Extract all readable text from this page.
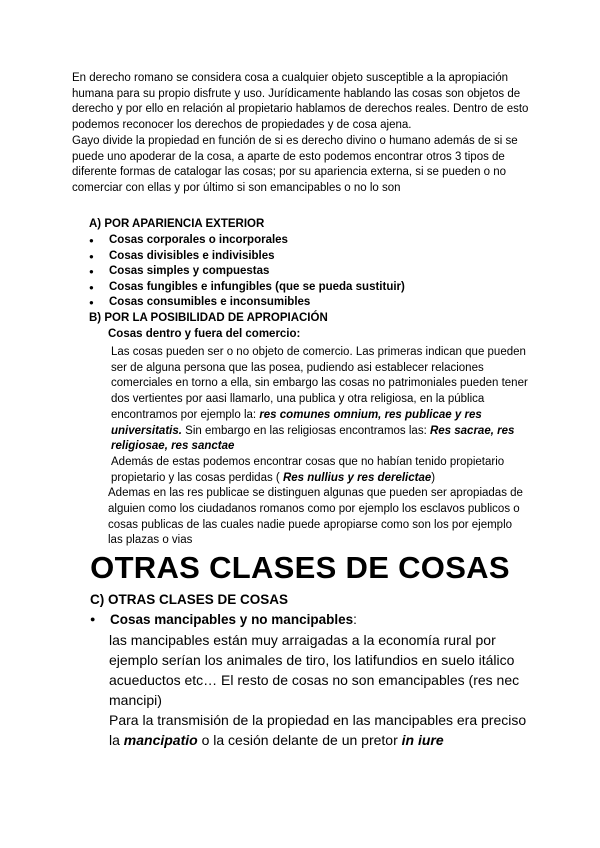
En derecho romano se considera cosa a cualquier objeto susceptible a la apropiación humana para su propio disfrute y uso. Jurídicamente hablando las cosas son objetos de derecho y por ello en relación al propietario hablamos de derechos reales. Dentro de esto podemos reconocer los derechos de propiedades y de cosa ajena.

Gayo divide la propiedad en función de si es derecho divino o humano además de si se puede uno apoderar de la cosa, a aparte de esto podemos encontrar otros 3 tipos de diferente formas de catalogar las cosas; por su apariencia externa, si se pueden o no comerciar con ellas y por último si son emancipables o no lo son

A) POR APARIENCIA EXTERIOR
● Cosas corporales o incorporales
● Cosas divisibles e indivisibles
● Cosas simples y compuestas
● Cosas fungibles e infungibles (que se pueda sustituir)
● Cosas consumibles e inconsumibles
B) POR LA POSIBILIDAD DE APROPIACIÓN
Cosas dentro y fuera del comercio:

Las cosas pueden ser o no objeto de comercio. Las primeras indican que pueden ser de alguna persona que las posea, pudiendo asi establecer relaciones comerciales en torno a ella, sin embargo las cosas no patrimoniales pueden tener dos vertientes por aasi llamarlo, una publica y otra religiosa, en la pública encontramos por ejemplo la: res comunes omnium, res publicae y res universitatis. Sin embargo en las religiosas encontramos las: Res sacrae, res religiosae, res sanctae

Además de estas podemos encontrar cosas que no habían tenido propietario propietario y las cosas perdidas ( Res nullius y res derelictae)

Ademas en las res publicae se distinguen algunas que pueden ser apropiadas de alguien como los ciudadanos romanos como por ejemplo los esclavos publicos o cosas publicas de las cuales nadie puede apropiarse como son los por ejemplo las plazas o vias

OTRAS CLASES DE COSAS
C) OTRAS CLASES DE COSAS
● Cosas mancipables y no mancipables:

las mancipables están muy arraigadas a la economía rural por ejemplo serían los animales de tiro, los latifundios en suelo itálico acueductos etc… El resto de cosas no son emancipables (res nec mancipi)

Para la transmisión de la propiedad en las mancipables era preciso la mancipatio o la cesión delante de un pretor in iure
